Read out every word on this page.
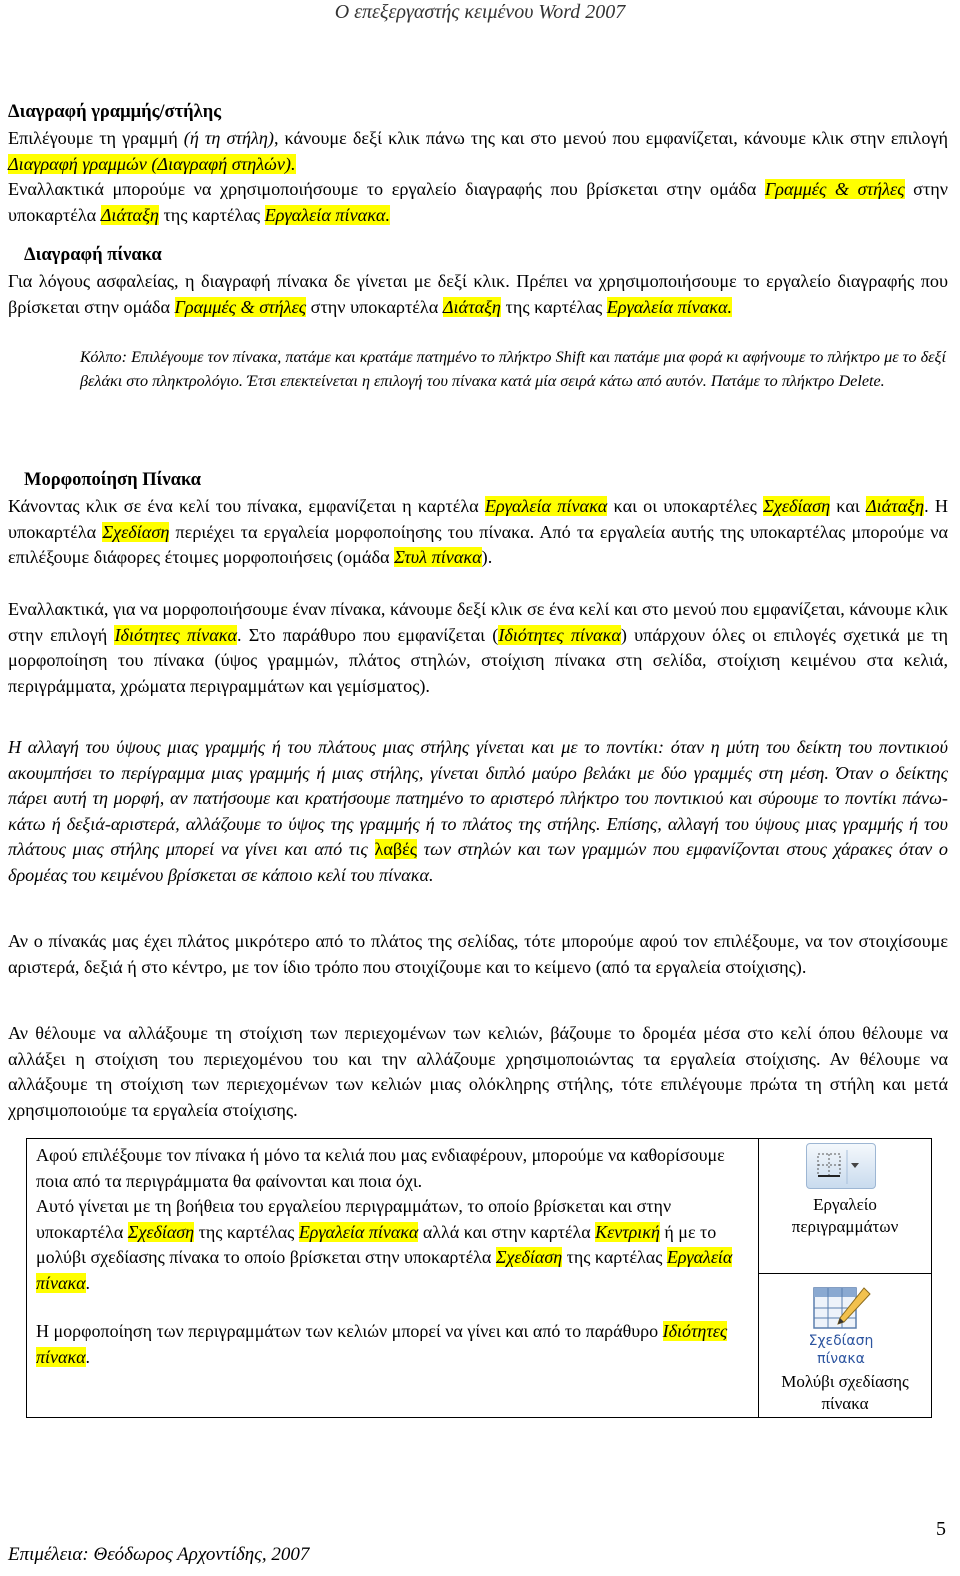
Ο επεξεργαστής κειμένου Word 2007
Διαγραφή γραμμής/στήλης
Επιλέγουμε τη γραμμή (ή τη στήλη), κάνουμε δεξί κλικ πάνω της και στο μενού που εμφανίζεται, κάνουμε κλικ στην επιλογή Διαγραφή γραμμών (Διαγραφή στηλών).
Εναλλακτικά μπορούμε να χρησιμοποιήσουμε το εργαλείο διαγραφής που βρίσκεται στην ομάδα Γραμμές & στήλες στην υποκαρτέλα Διάταξη της καρτέλας Εργαλεία πίνακα.
Διαγραφή πίνακα
Για λόγους ασφαλείας, η διαγραφή πίνακα δε γίνεται με δεξί κλικ. Πρέπει να χρησιμοποιήσουμε το εργαλείο διαγραφής που βρίσκεται στην ομάδα Γραμμές & στήλες στην υποκαρτέλα Διάταξη της καρτέλας Εργαλεία πίνακα.
Κόλπο: Επιλέγουμε τον πίνακα, πατάμε και κρατάμε πατημένο το πλήκτρο Shift και πατάμε μια φορά κι αφήνουμε το πλήκτρο με το δεξί βελάκι στο πληκτρολόγιο. Έτσι επεκτείνεται η επιλογή του πίνακα κατά μία σειρά κάτω από αυτόν. Πατάμε το πλήκτρο Delete.
Μορφοποίηση Πίνακα
Κάνοντας κλικ σε ένα κελί του πίνακα, εμφανίζεται η καρτέλα Εργαλεία πίνακα και οι υποκαρτέλες Σχεδίαση και Διάταξη. Η υποκαρτέλα Σχεδίαση περιέχει τα εργαλεία μορφοποίησης του πίνακα. Από τα εργαλεία αυτής της υποκαρτέλας μπορούμε να επιλέξουμε διάφορες έτοιμες μορφοποιήσεις (ομάδα Στυλ πίνακα).
Εναλλακτικά, για να μορφοποιήσουμε έναν πίνακα, κάνουμε δεξί κλικ σε ένα κελί και στο μενού που εμφανίζεται, κάνουμε κλικ στην επιλογή Ιδιότητες πίνακα. Στο παράθυρο που εμφανίζεται (Ιδιότητες πίνακα) υπάρχουν όλες οι επιλογές σχετικά με τη μορφοποίηση του πίνακα (ύψος γραμμών, πλάτος στηλών, στοίχιση πίνακα στη σελίδα, στοίχιση κειμένου στα κελιά, περιγράμματα, χρώματα περιγραμμάτων και γεμίσματος).
Η αλλαγή του ύψους μιας γραμμής ή του πλάτους μιας στήλης γίνεται και με το ποντίκι: όταν η μύτη του δείκτη του ποντικιού ακουμπήσει το περίγραμμα μιας γραμμής ή μιας στήλης, γίνεται διπλό μαύρο βελάκι με δύο γραμμές στη μέση. Όταν ο δείκτης πάρει αυτή τη μορφή, αν πατήσουμε και κρατήσουμε πατημένο το αριστερό πλήκτρο του ποντικιού και σύρουμε το ποντίκι πάνω-κάτω ή δεξιά-αριστερά, αλλάζουμε το ύψος της γραμμής ή το πλάτος της στήλης. Επίσης, αλλαγή του ύψους μιας γραμμής ή του πλάτους μιας στήλης μπορεί να γίνει και από τις λαβές των στηλών και των γραμμών που εμφανίζονται στους χάρακες όταν ο δρομέας του κειμένου βρίσκεται σε κάποιο κελί του πίνακα.
Αν ο πίνακάς μας έχει πλάτος μικρότερο από το πλάτος της σελίδας, τότε μπορούμε αφού τον επιλέξουμε, να τον στοιχίσουμε αριστερά, δεξιά ή στο κέντρο, με τον ίδιο τρόπο που στοιχίζουμε και το κείμενο (από τα εργαλεία στοίχισης).
Αν θέλουμε να αλλάξουμε τη στοίχιση των περιεχομένων των κελιών, βάζουμε το δρομέα μέσα στο κελί όπου θέλουμε να αλλάξει η στοίχιση του περιεχομένου του και την αλλάζουμε χρησιμοποιώντας τα εργαλεία στοίχισης. Αν θέλουμε να αλλάξουμε τη στοίχιση των περιεχομένων των κελιών μιας ολόκληρης στήλης, τότε επιλέγουμε πρώτα τη στήλη και μετά χρησιμοποιούμε τα εργαλεία στοίχισης.
Αφού επιλέξουμε τον πίνακα ή μόνο τα κελιά που μας ενδιαφέρουν, μπορούμε να καθορίσουμε ποια από τα περιγράμματα θα φαίνονται και ποια όχι.
Αυτό γίνεται με τη βοήθεια του εργαλείου περιγραμμάτων, το οποίο βρίσκεται και στην υποκαρτέλα Σχεδίαση της καρτέλας Εργαλεία πίνακα αλλά και στην καρτέλα Κεντρική ή με το μολύβι σχεδίασης πίνακα το οποίο βρίσκεται στην υποκαρτέλα Σχεδίαση της καρτέλας Εργαλεία πίνακα.
Η μορφοποίηση των περιγραμμάτων των κελιών μπορεί να γίνει και από το παράθυρο Ιδιότητες πίνακα.
Εργαλείο περιγραμμάτων
Μολύβι σχεδίασης πίνακα
Σχεδίαση πίνακα
5
Επιμέλεια: Θεόδωρος Αρχοντίδης, 2007
